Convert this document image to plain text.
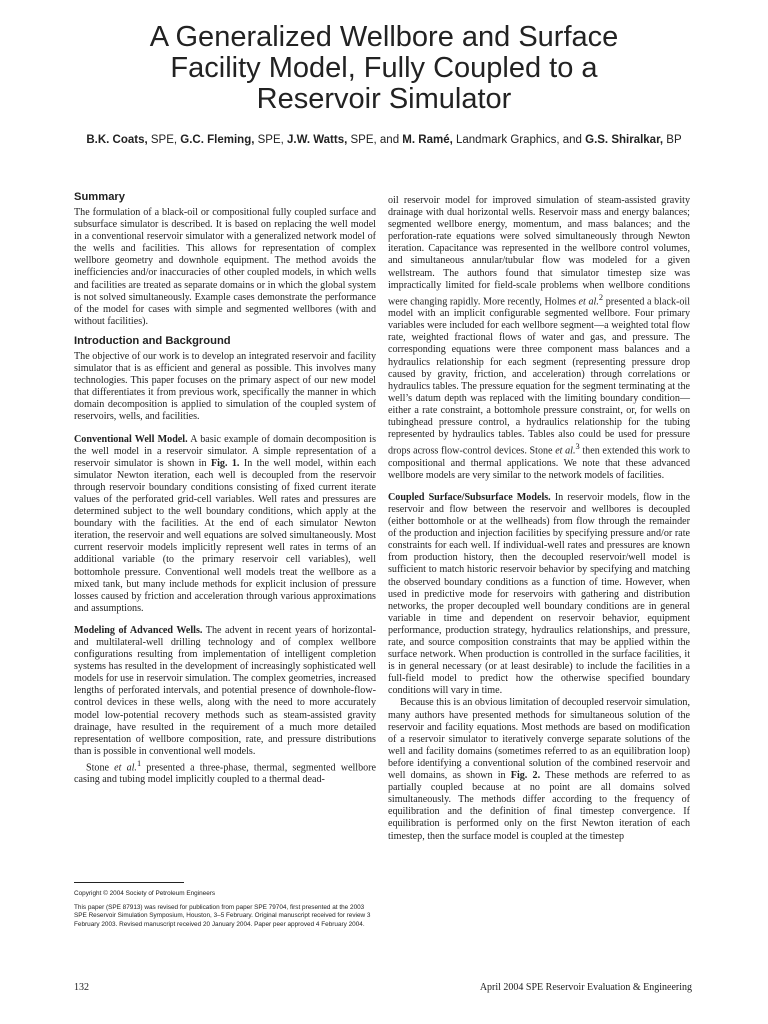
A Generalized Wellbore and Surface
Facility Model, Fully Coupled to a
Reservoir Simulator
B.K. Coats, SPE, G.C. Fleming, SPE, J.W. Watts, SPE, and M. Ramé, Landmark Graphics, and G.S. Shiralkar, BP
Summary

The formulation of a black-oil or compositional fully coupled surface and subsurface simulator is described. It is based on replacing the well model in a conventional reservoir simulator with a generalized network model of the wells and facilities. This allows for representation of complex wellbore geometry and downhole equipment. The method avoids the inefficiencies and/or inaccuracies of other coupled models, in which wells and facilities are treated as separate domains or in which the global system is not solved simultaneously. Example cases demonstrate the performance of the model for cases with simple and segmented wellbores (with and without facilities).

Introduction and Background

The objective of our work is to develop an integrated reservoir and facility simulator that is as efficient and general as possible. This involves many technologies. This paper focuses on the primary aspect of our new model that differentiates it from previous work, specifically the manner in which domain decomposition is applied to simulation of the coupled system of reservoirs, wells, and facilities.

Conventional Well Model. A basic example of domain decomposition is the well model in a reservoir simulator. A simple representation of a reservoir simulator is shown in Fig. 1. In the well model, within each simulator Newton iteration, each well is decoupled from the reservoir through reservoir boundary conditions consisting of fixed current iterate values of the perforated grid-cell variables. Well rates and pressures are determined subject to the well boundary conditions, which apply at the boundary with the facilities. At the end of each simulator Newton iteration, the reservoir and well equations are solved simultaneously. Most current reservoir models implicitly represent well rates in terms of an additional variable (to the primary reservoir cell variables), well bottomhole pressure. Conventional well models treat the wellbore as a mixed tank, but many include methods for explicit inclusion of pressure losses caused by friction and acceleration through various approximations and assumptions.

Modeling of Advanced Wells. The advent in recent years of horizontal- and multilateral-well drilling technology and of complex wellbore configurations resulting from implementation of intelligent completion systems has resulted in the development of increasingly sophisticated well models for use in reservoir simulation. The complex geometries, increased lengths of perforated intervals, and potential presence of downhole-flow-control devices in these wells, along with the need to more accurately model low-potential recovery methods such as steam-assisted gravity drainage, have resulted in the requirement of a much more detailed representation of wellbore composition, rate, and pressure distributions than is possible in conventional well models.

Stone et al.$^1$ presented a three-phase, thermal, segmented wellbore casing and tubing model implicitly coupled to a thermal dead-

Copyright © 2004 Society of Petroleum Engineers

This paper (SPE 87913) was revised for publication from paper SPE 79704, first presented at the 2003 SPE Reservoir Simulation Symposium, Houston, 3–5 February. Original manuscript received for review 3 February 2003. Revised manuscript received 20 January 2004. Paper peer approved 4 February 2004.

oil reservoir model for improved simulation of steam-assisted gravity drainage with dual horizontal wells. Reservoir mass and energy balances; segmented wellbore energy, momentum, and mass balances; and the perforation-rate equations were solved simultaneously through Newton iteration. Capacitance was represented in the wellbore control volumes, and simultaneous annular/tubular flow was modeled for a given wellstream. The authors found that simulator timestep size was impractically limited for field-scale problems when wellbore conditions were changing rapidly. More recently, Holmes et al.$^2$ presented a black-oil model with an implicit configurable segmented wellbore. Four primary variables were included for each wellbore segment—a weighted total flow rate, weighted fractional flows of water and gas, and pressure. The corresponding equations were three component mass balances and a hydraulics relationship for each segment (representing pressure drop caused by gravity, friction, and acceleration) through correlations or hydraulics tables. The pressure equation for the segment terminating at the well’s datum depth was replaced with the limiting boundary condition—either a rate constraint, a bottomhole pressure constraint, or, for wells on tubinghead pressure control, a hydraulics relationship for the tubing represented by hydraulics tables. Tables also could be used for pressure drops across flow-control devices. Stone et al.$^3$ then extended this work to compositional and thermal applications. We note that these advanced wellbore models are very similar to the network models of facilities.

Coupled Surface/Subsurface Models. In reservoir models, flow in the reservoir and flow between the reservoir and wellbores is decoupled (either bottomhole or at the wellheads) from flow through the remainder of the production and injection facilities by specifying pressure and/or rate constraints for each well. If individual-well rates and pressures are known from production history, then the decoupled reservoir/well model is sufficient to match historic reservoir behavior by specifying and matching the observed boundary conditions as a function of time. However, when used in predictive mode for reservoirs with gathering and distribution networks, the proper decoupled well boundary conditions are in general variable in time and dependent on reservoir behavior, equipment performance, production strategy, hydraulics relationships, and pressure, rate, and source composition constraints that may be applied within the surface network. When production is controlled in the surface facilities, it is in general necessary (or at least desirable) to include the facilities in a full-field model to predict how the otherwise specified boundary conditions will vary in time.

Because this is an obvious limitation of decoupled reservoir simulation, many authors have presented methods for simultaneous solution of the reservoir and facility equations. Most methods are based on modification of a reservoir simulator to iteratively converge separate solutions of the well and facility domains (sometimes referred to as an equilibration loop) before identifying a conventional solution of the combined reservoir and well domains, as shown in Fig. 2. These methods are referred to as partially coupled because at no point are all domains solved simultaneously. The methods differ according to the frequency of equilibration and the definition of final timestep convergence. If equilibration is performed only on the first Newton iteration of each timestep, then the surface model is coupled at the timestep

132	April 2004 SPE Reservoir Evaluation & Engineering
